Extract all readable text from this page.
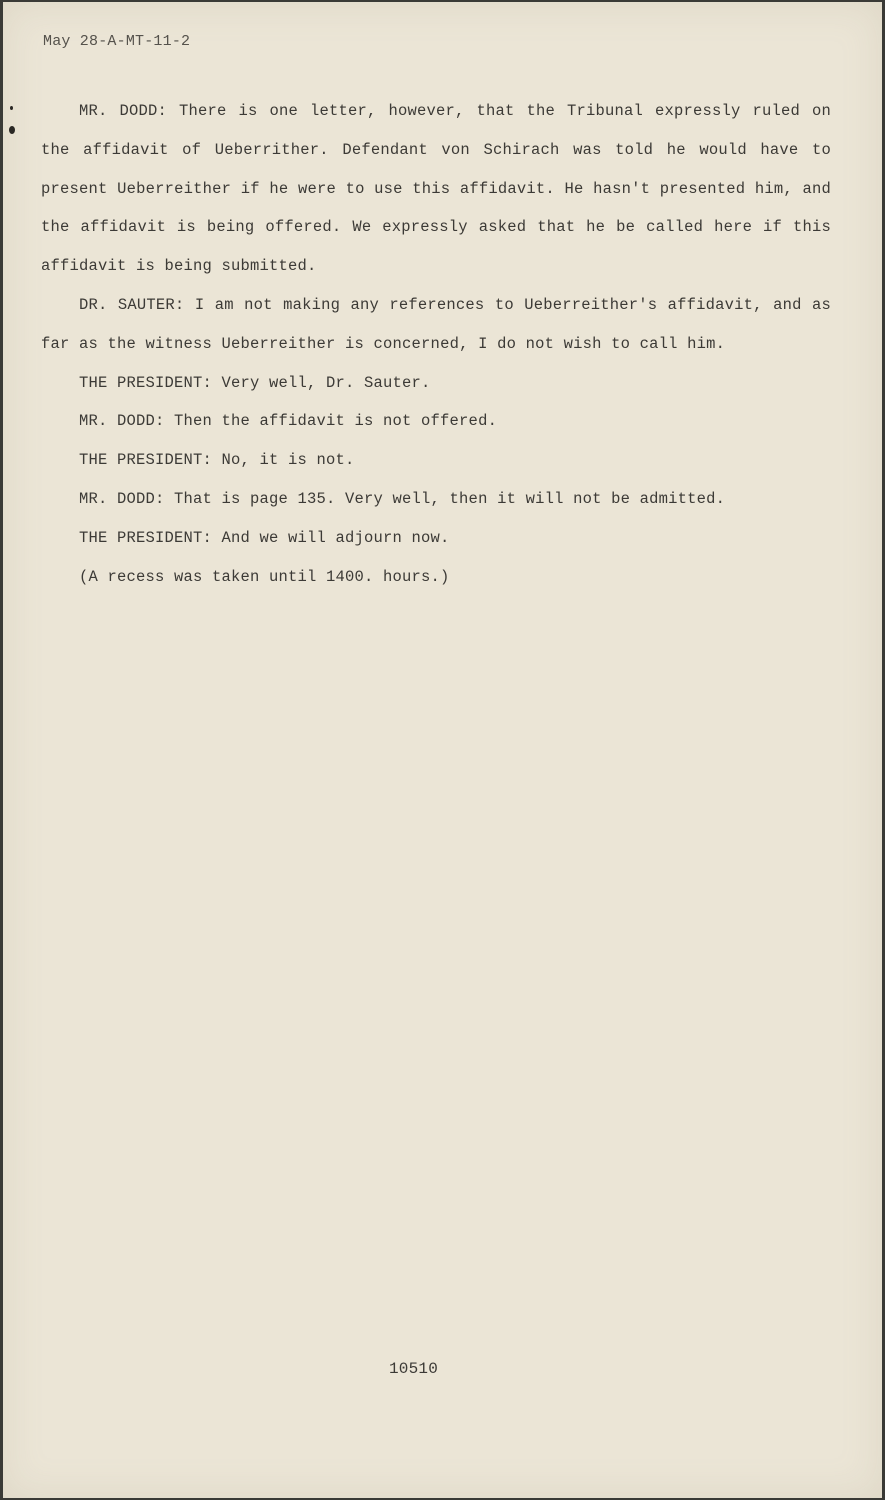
May 28-A-MT-11-2

MR. DODD: There is one letter, however, that the Tribunal expressly ruled on the affidavit of Ueberrither. Defendant von Schirach was told he would have to present Ueberreither if he were to use this affidavit. He hasn't presented him, and the affidavit is being offered. We expressly asked that he be called here if this affidavit is being submitted.

DR. SAUTER: I am not making any references to Ueberreither's affidavit, and as far as the witness Ueberreither is concerned, I do not wish to call him.

THE PRESIDENT: Very well, Dr. Sauter.

MR. DODD: Then the affidavit is not offered.

THE PRESIDENT: No, it is not.

MR. DODD: That is page 135. Very well, then it will not be admitted.

THE PRESIDENT: And we will adjourn now.

(A recess was taken until 1400. hours.)

10510
